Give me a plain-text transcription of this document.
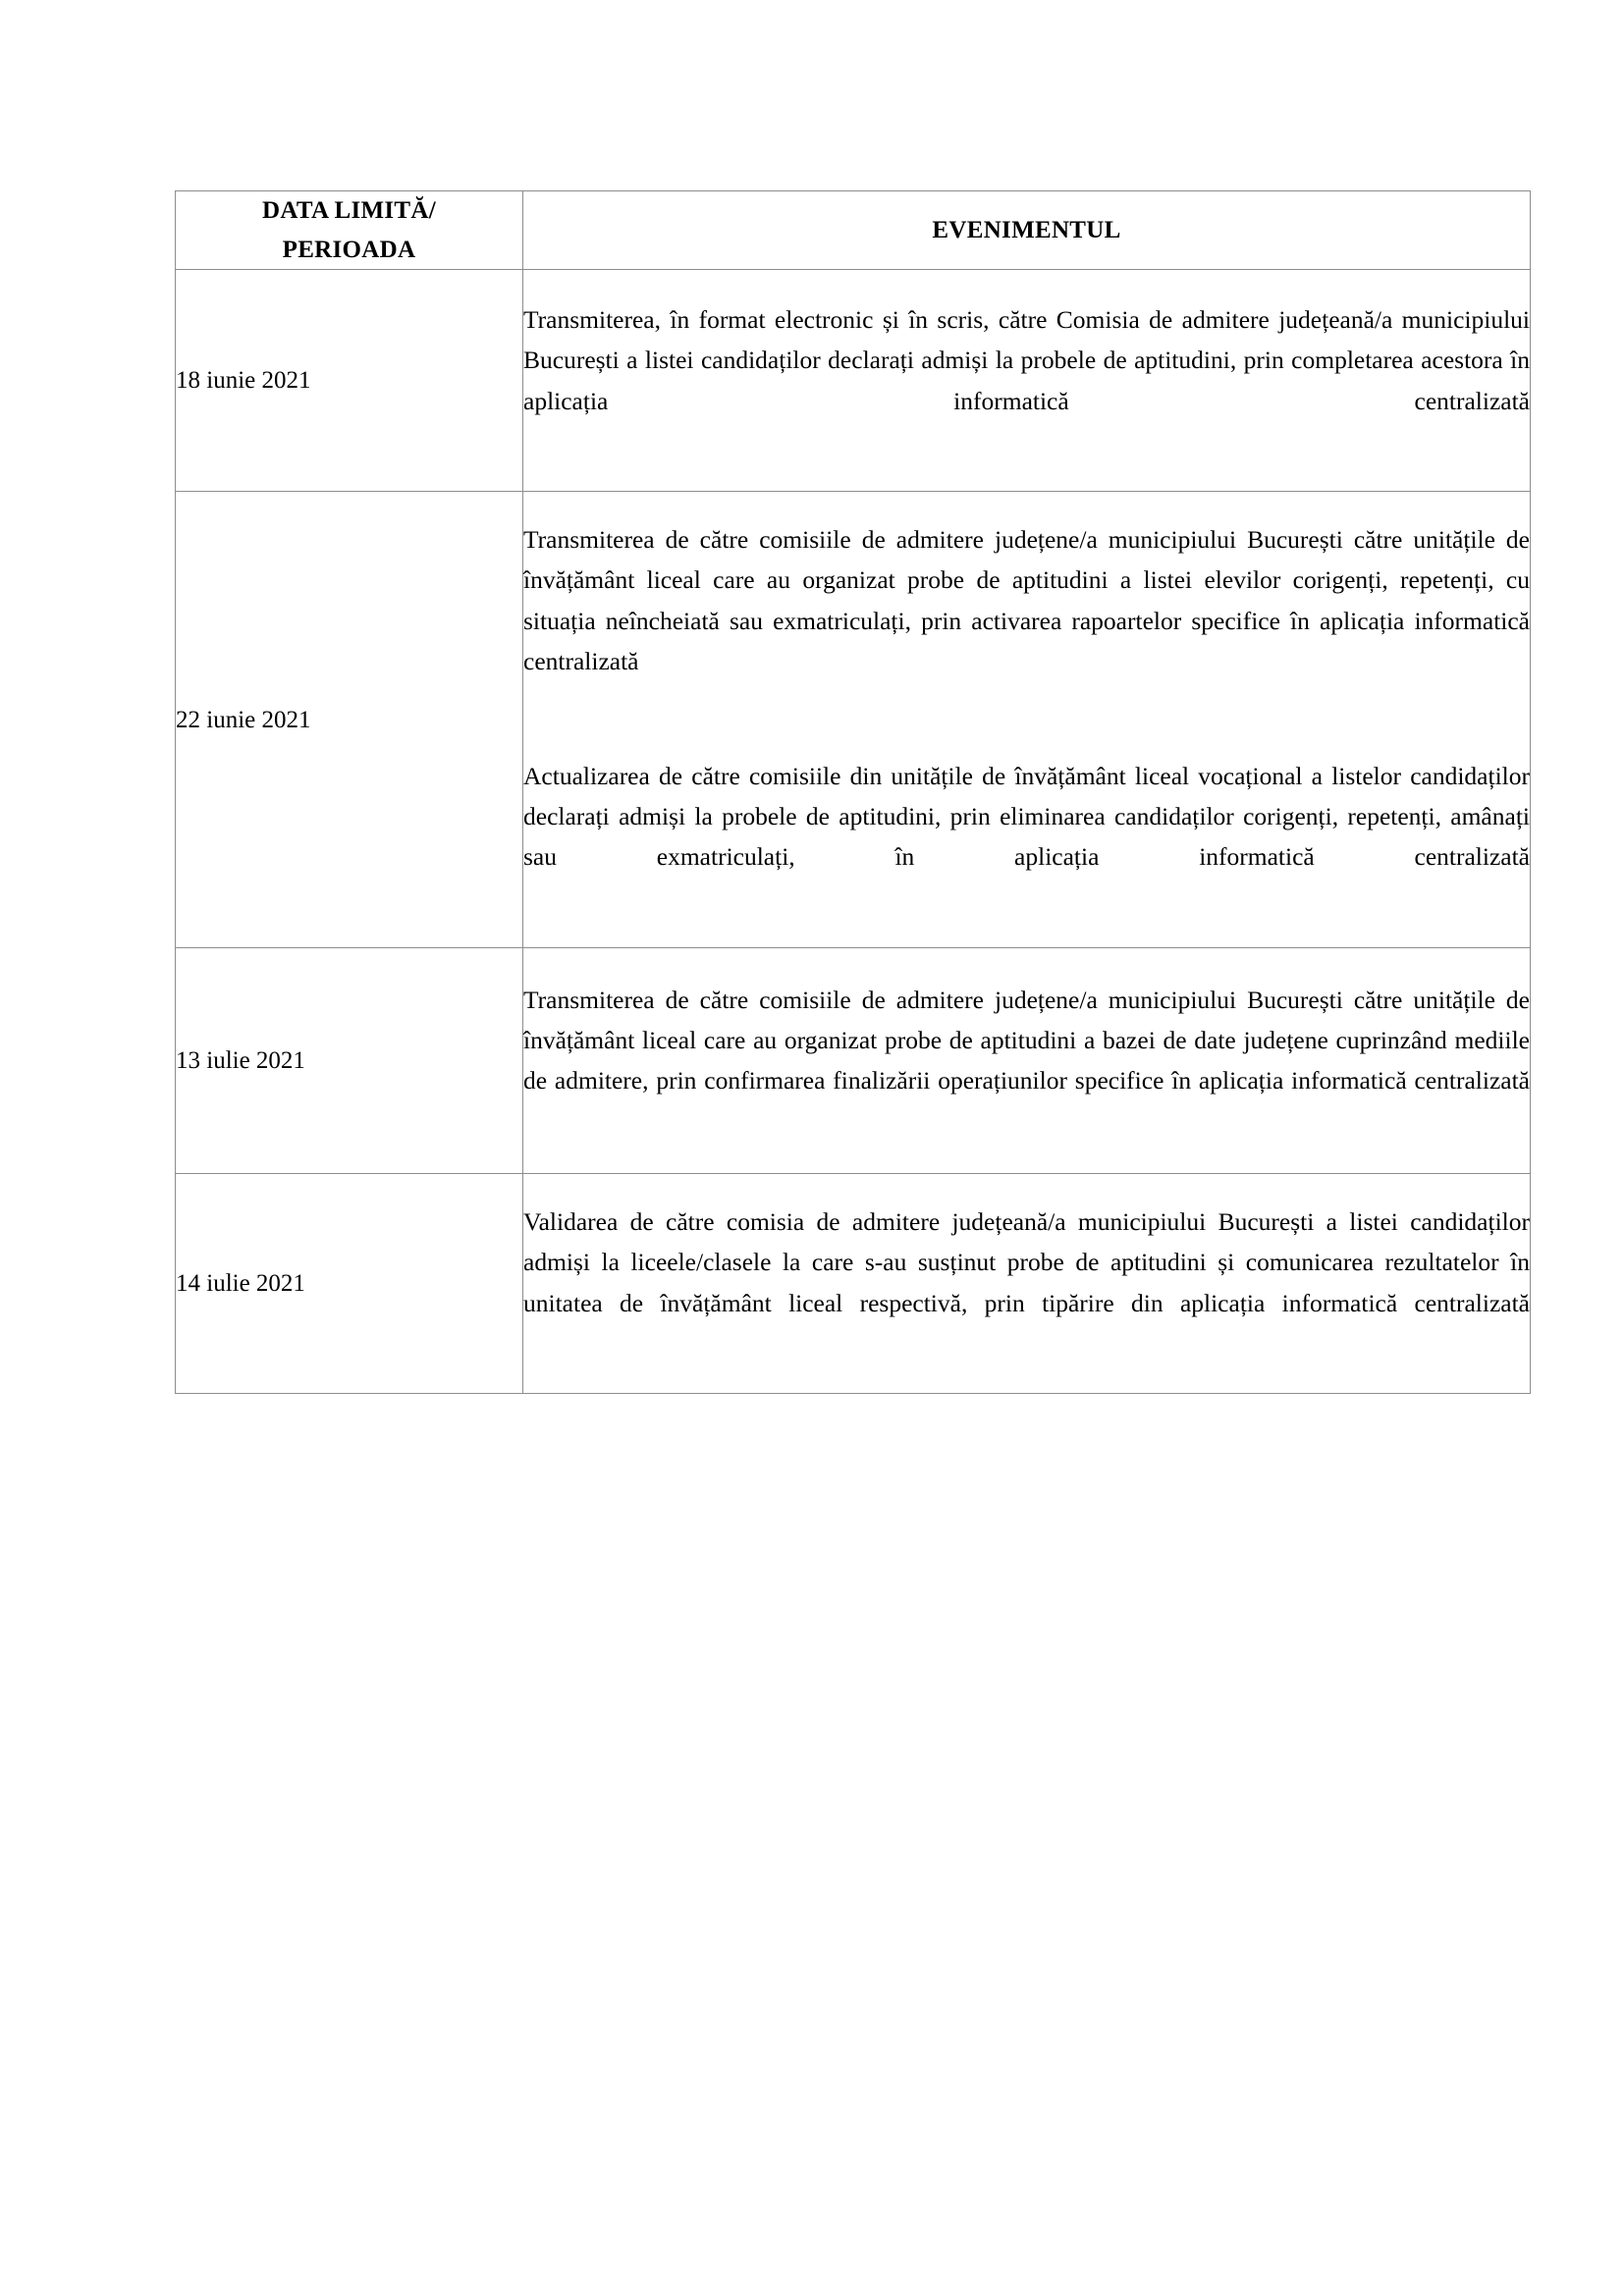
DATA LIMITĂ/
PERIOADA	EVENIMENTUL
18 iunie 2021	Transmiterea, în format electronic și în scris, către Comisia de admitere județeană/a municipiului București a listei candidaților declarați admiși la probele de aptitudini, prin completarea acestora în aplicația informatică centralizată

22 iunie 2021	Transmiterea de către comisiile de admitere județene/a municipiului București către unitățile de învățământ liceal care au organizat probe de aptitudini a listei elevilor corigenți, repetenți, cu situația neîncheiată sau exmatriculați, prin activarea rapoartelor specifice în aplicația informatică centralizată

Actualizarea de către comisiile din unitățile de învățământ liceal vocațional a listelor candidaților declarați admiși la probele de aptitudini, prin eliminarea candidaților corigenți, repetenți, amânați sau exmatriculați, în aplicația informatică centralizată

13 iulie 2021	Transmiterea de către comisiile de admitere județene/a municipiului București către unitățile de învățământ liceal care au organizat probe de aptitudini a bazei de date județene cuprinzând mediile de admitere, prin confirmarea finalizării operațiunilor specifice în aplicația informatică centralizată

14 iulie 2021	Validarea de către comisia de admitere județeană/a municipiului București a listei candidaților admiși la liceele/clasele la care s-au susținut probe de aptitudini și comunicarea rezultatelor în unitatea de învățământ liceal respectivă, prin tipărire din aplicația informatică centralizată
